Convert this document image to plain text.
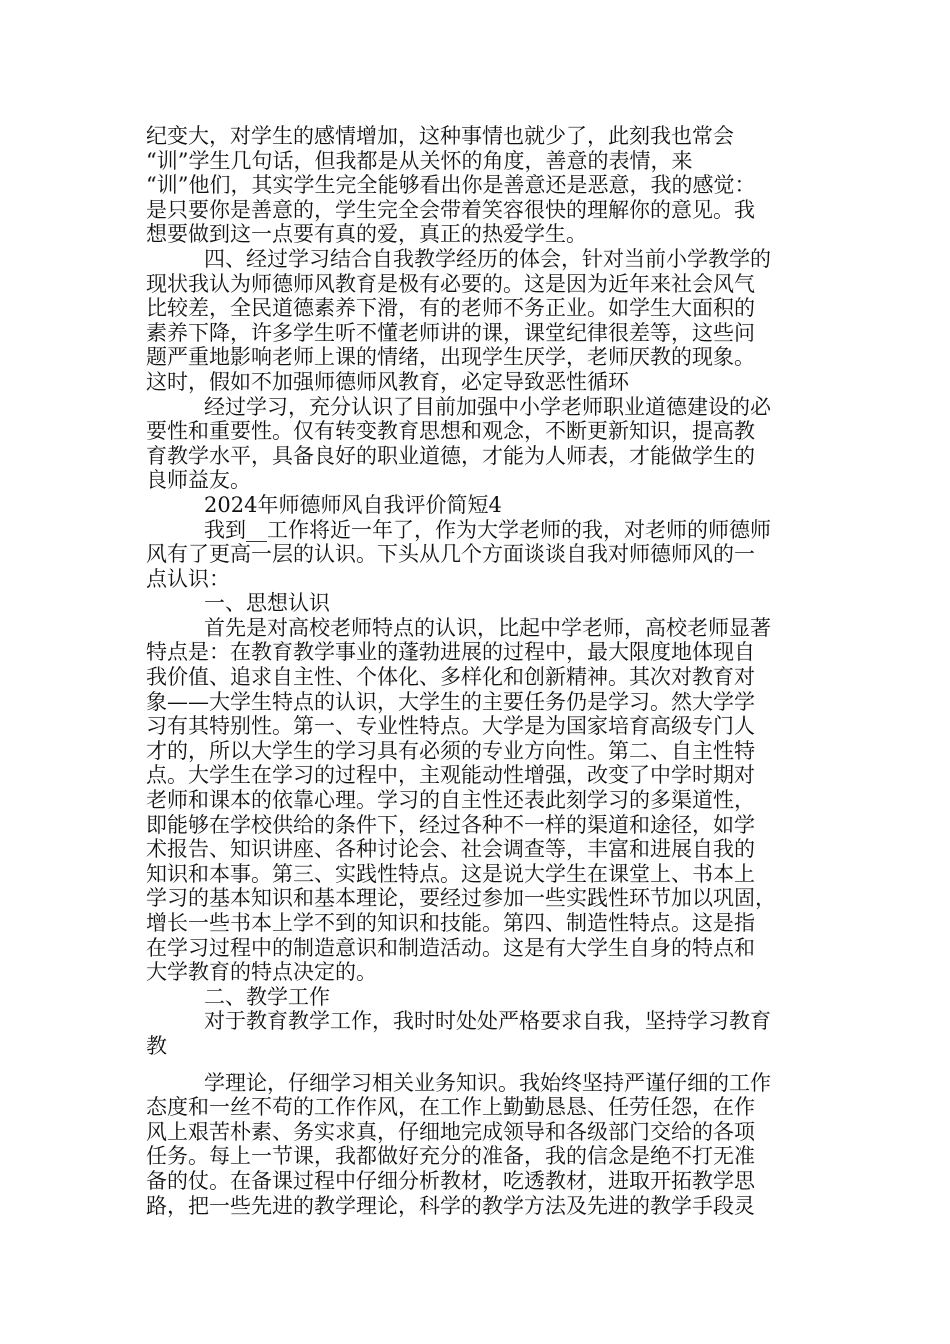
纪变大，对学生的感情增加，这种事情也就少了，此刻我也常会
“训”学生几句话，但我都是从关怀的角度，善意的表情，来
“训”他们，其实学生完全能够看出你是善意还是恶意，我的感觉：
是只要你是善意的，学生完全会带着笑容很快的理解你的意见。我
想要做到这一点要有真的爱，真正的热爱学生。
四、经过学习结合自我教学经历的体会，针对当前小学教学的
现状我认为师德师风教育是极有必要的。这是因为近年来社会风气
比较差，全民道德素养下滑，有的老师不务正业。如学生大面积的
素养下降，许多学生听不懂老师讲的课，课堂纪律很差等，这些问
题严重地影响老师上课的情绪，出现学生厌学，老师厌教的现象。
这时，假如不加强师德师风教育，必定导致恶性循环
经过学习，充分认识了目前加强中小学老师职业道德建设的必
要性和重要性。仅有转变教育思想和观念，不断更新知识，提高教
育教学水平，具备良好的职业道德，才能为人师表，才能做学生的
良师益友。
2024年师德师风自我评价简短4
我到__工作将近一年了，作为大学老师的我，对老师的师德师
风有了更高一层的认识。下头从几个方面谈谈自我对师德师风的一
点认识：
一、思想认识
首先是对高校老师特点的认识，比起中学老师，高校老师显著
特点是：在教育教学事业的蓬勃进展的过程中，最大限度地体现自
我价值、追求自主性、个体化、多样化和创新精神。其次对教育对
象——大学生特点的认识，大学生的主要任务仍是学习。然大学学
习有其特别性。第一、专业性特点。大学是为国家培育高级专门人
才的，所以大学生的学习具有必须的专业方向性。第二、自主性特
点。大学生在学习的过程中，主观能动性增强，改变了中学时期对
老师和课本的依靠心理。学习的自主性还表此刻学习的多渠道性，
即能够在学校供给的条件下，经过各种不一样的渠道和途径，如学
术报告、知识讲座、各种讨论会、社会调查等，丰富和进展自我的
知识和本事。第三、实践性特点。这是说大学生在课堂上、书本上
学习的基本知识和基本理论，要经过参加一些实践性环节加以巩固，
增长一些书本上学不到的知识和技能。第四、制造性特点。这是指
在学习过程中的制造意识和制造活动。这是有大学生自身的特点和
大学教育的特点决定的。
二、教学工作
对于教育教学工作，我时时处处严格要求自我，坚持学习教育
教
学理论，仔细学习相关业务知识。我始终坚持严谨仔细的工作
态度和一丝不苟的工作作风，在工作上勤勤恳恳、任劳任怨，在作
风上艰苦朴素、务实求真，仔细地完成领导和各级部门交给的各项
任务。每上一节课，我都做好充分的准备，我的信念是绝不打无准
备的仗。在备课过程中仔细分析教材，吃透教材，进取开拓教学思
路，把一些先进的教学理论，科学的教学方法及先进的教学手段灵
